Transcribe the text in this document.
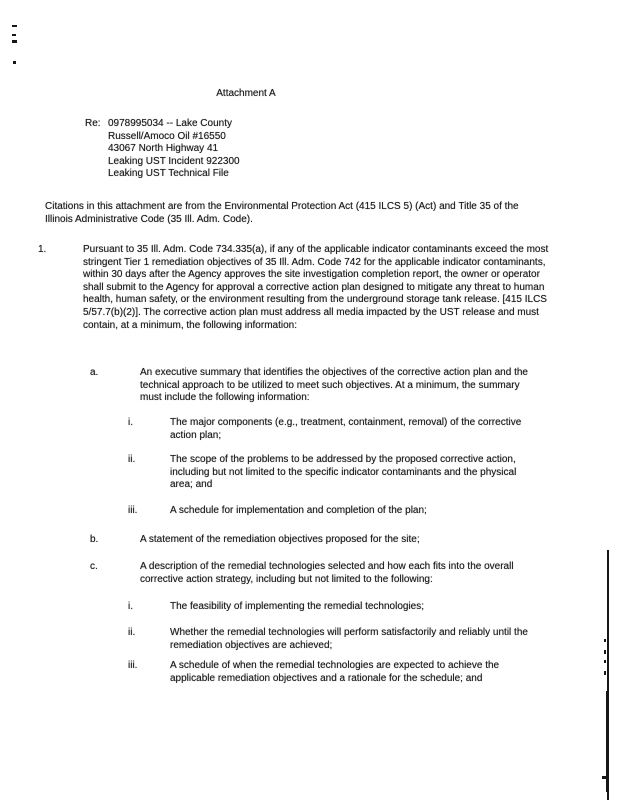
Attachment A
Re: 0978995034 -- Lake County
Russell/Amoco Oil #16550
43067 North Highway 41
Leaking UST Incident 922300
Leaking UST Technical File
Citations in this attachment are from the Environmental Protection Act (415 ILCS 5) (Act) and Title 35 of the Illinois Administrative Code (35 Ill. Adm. Code).
1.	Pursuant to 35 Ill. Adm. Code 734.335(a), if any of the applicable indicator contaminants exceed the most stringent Tier 1 remediation objectives of 35 Ill. Adm. Code 742 for the applicable indicator contaminants, within 30 days after the Agency approves the site investigation completion report, the owner or operator shall submit to the Agency for approval a corrective action plan designed to mitigate any threat to human health, human safety, or the environment resulting from the underground storage tank release. [415 ILCS 5/57.7(b)(2)]. The corrective action plan must address all media impacted by the UST release and must contain, at a minimum, the following information:
a.	An executive summary that identifies the objectives of the corrective action plan and the technical approach to be utilized to meet such objectives. At a minimum, the summary must include the following information:
i.	The major components (e.g., treatment, containment, removal) of the corrective action plan;
ii.	The scope of the problems to be addressed by the proposed corrective action, including but not limited to the specific indicator contaminants and the physical area; and
iii.	A schedule for implementation and completion of the plan;
b.	A statement of the remediation objectives proposed for the site;
c.	A description of the remedial technologies selected and how each fits into the overall corrective action strategy, including but not limited to the following:
i.	The feasibility of implementing the remedial technologies;
ii.	Whether the remedial technologies will perform satisfactorily and reliably until the remediation objectives are achieved;
iii.	A schedule of when the remedial technologies are expected to achieve the applicable remediation objectives and a rationale for the schedule; and
